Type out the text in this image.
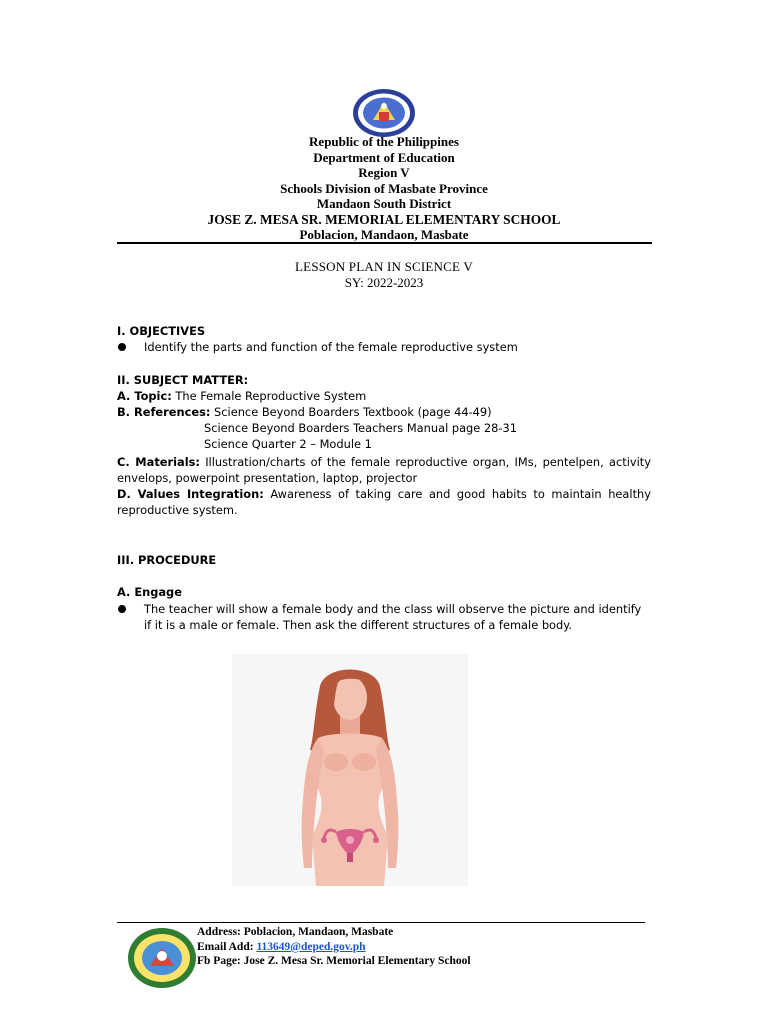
Republic of the Philippines
Department of Education
Region V
Schools Division of Masbate Province
Mandaon South District
JOSE Z. MESA SR. MEMORIAL ELEMENTARY SCHOOL
Poblacion, Mandaon, Masbate
LESSON PLAN IN SCIENCE V
SY: 2022-2023
I. OBJECTIVES
Identify the parts and function of the female reproductive system
II. SUBJECT MATTER:
A. Topic: The Female Reproductive System
B. References: Science Beyond Boarders Textbook (page 44-49)
Science Beyond Boarders Teachers Manual page 28-31
Science Quarter 2 – Module 1
C. Materials: Illustration/charts of the female reproductive organ, IMs, pentelpen, activity
envelops, powerpoint presentation, laptop, projector
D. Values Integration: Awareness of taking care and good habits to maintain healthy
reproductive system.
III. PROCEDURE
A. Engage
The teacher will show a female body and the class will observe the picture and identify
if it is a male or female. Then ask the different structures of a female body.
Address: Poblacion, Mandaon, Masbate
Email Add: 113649@deped.gov.ph
Fb Page: Jose Z. Mesa Sr. Memorial Elementary School
